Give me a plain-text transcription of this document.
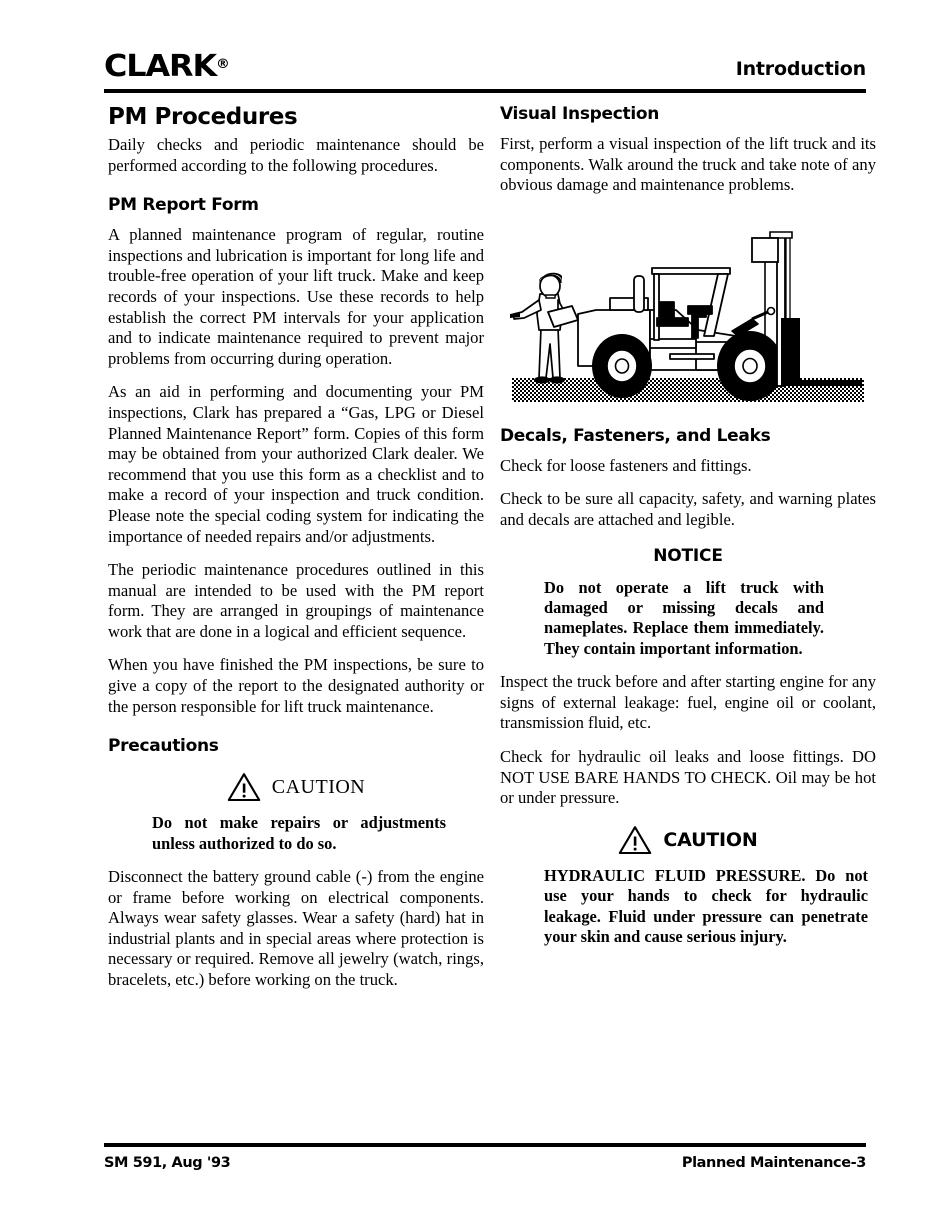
CLARK®	Introduction
PM Procedures

Daily checks and periodic maintenance should be performed according to the following procedures.

PM Report Form

A planned maintenance program of regular, routine inspections and lubrication is important for long life and trouble-free operation of your lift truck. Make and keep records of your inspections. Use these records to help establish the correct PM intervals for your application and to indicate maintenance required to prevent major problems from occurring during operation.

As an aid in performing and documenting your PM inspections, Clark has prepared a “Gas, LPG or Diesel Planned Maintenance Report” form. Copies of this form may be obtained from your authorized Clark dealer. We recommend that you use this form as a checklist and to make a record of your inspection and truck condition. Please note the special coding system for indicating the importance of needed repairs and/or adjustments.

The periodic maintenance procedures outlined in this manual are intended to be used with the PM report form. They are arranged in groupings of maintenance work that are done in a logical and efficient sequence.

When you have finished the PM inspections, be sure to give a copy of the report to the designated authority or the person responsible for lift truck maintenance.

Precautions
CAUTION

Do not make repairs or adjustments unless authorized to do so.

Disconnect the battery ground cable (-) from the engine or frame before working on electrical components. Always wear safety glasses. Wear a safety (hard) hat in industrial plants and in special areas where protection is necessary or required. Remove all jewelry (watch, rings, bracelets, etc.) before working on the truck.

Visual Inspection

First, perform a visual inspection of the lift truck and its components. Walk around the truck and take note of any obvious damage and maintenance problems.

Decals, Fasteners, and Leaks

Check for loose fasteners and fittings.

Check to be sure all capacity, safety, and warning plates and decals are attached and legible.

NOTICE

Do not operate a lift truck with damaged or missing decals and nameplates. Replace them immediately. They contain important information.

Inspect the truck before and after starting engine for any signs of external leakage: fuel, engine oil or coolant, transmission fluid, etc.

Check for hydraulic oil leaks and loose fittings. DO NOT USE BARE HANDS TO CHECK. Oil may be hot or under pressure.

CAUTION

HYDRAULIC FLUID PRESSURE. Do not use your hands to check for hydraulic leakage. Fluid under pressure can penetrate your skin and cause serious injury.

SM 591, Aug '93	Planned Maintenance-3
